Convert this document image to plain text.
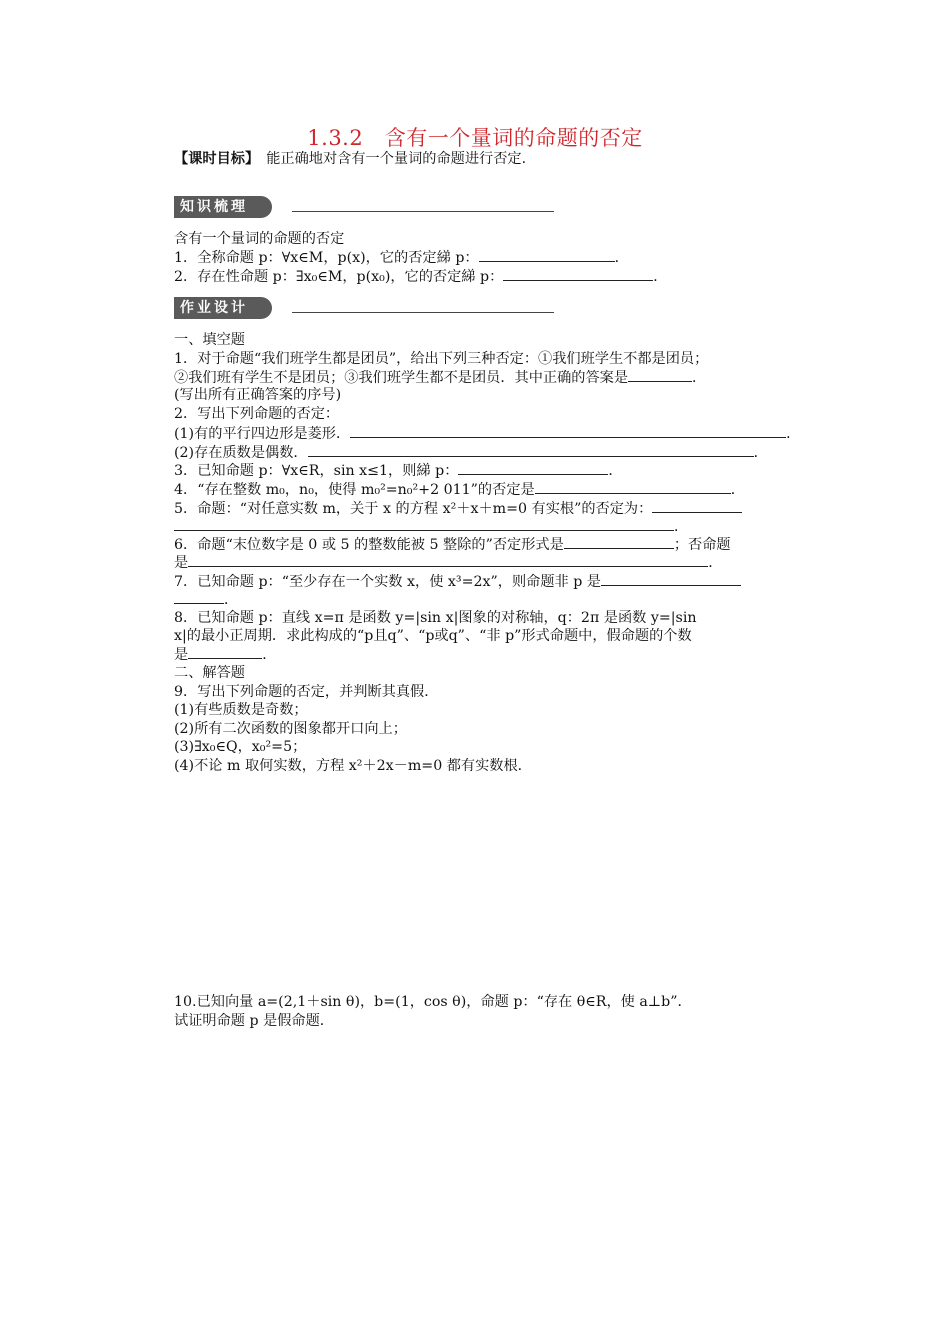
1.3.2　含有一个量词的命题的否定
【课时目标】　能正确地对含有一个量词的命题进行否定.
知识梳理
含有一个量词的命题的否定
1．全称命题 p：∀x∈M，p(x)，它的否定綈 p：	．
2．存在性命题 p：∃x₀∈M，p(x₀)，它的否定綈 p：	．
作业设计
一、填空题
1．对于命题“我们班学生都是团员”，给出下列三种否定：①我们班学生不都是团员；
②我们班有学生不是团员；③我们班学生都不是团员．其中正确的答案是	．
(写出所有正确答案的序号)
2．写出下列命题的否定：
(1)有的平行四边形是菱形．	．
(2)存在质数是偶数．	．
3．已知命题 p：∀x∈R，sin x≤1，则綈 p：	．
4．“存在整数 m₀，n₀，使得 m₀²=n₀²+2 011”的否定是	．
5．命题：“对任意实数 m，关于 x 的方程 x²＋x＋m=0 有实根”的否定为：
．
6．命题“末位数字是 0 或 5 的整数能被 5 整除的”否定形式是	；否命题
是	．
7．已知命题 p：“至少存在一个实数 x，使 x³=2x”，则命题非 p 是
．
8．已知命题 p：直线 x=π 是函数 y=|sin x|图象的对称轴，q：2π 是函数 y=|sin
x|的最小正周期．求此构成的“p且q”、“p或q”、“非 p”形式命题中，假命题的个数
是	．
二、解答题
9．写出下列命题的否定，并判断其真假．
(1)有些质数是奇数；
(2)所有二次函数的图象都开口向上；
(3)∃x₀∈Q，x₀²=5；
(4)不论 m 取何实数，方程 x²＋2x－m=0 都有实数根．
10.已知向量 a=(2,1＋sin θ)，b=(1，cos θ)，命题 p：“存在 θ∈R，使 a⊥b”．
试证明命题 p 是假命题．
